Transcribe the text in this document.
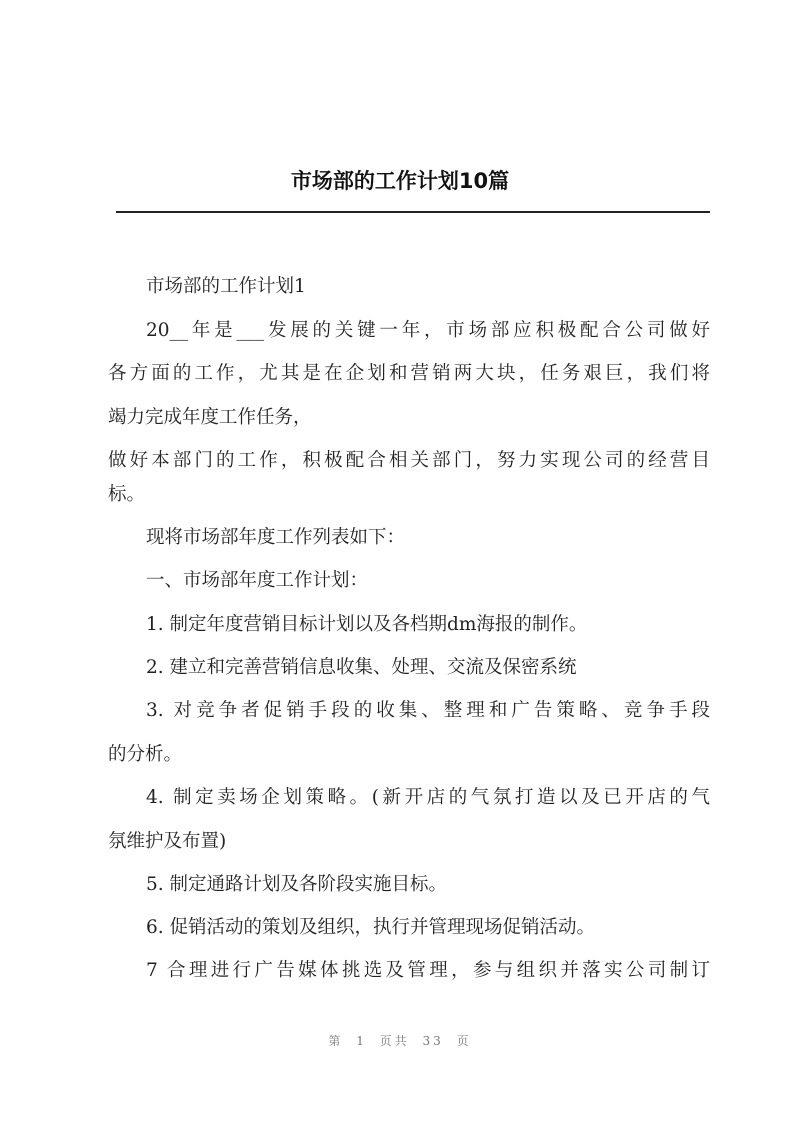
市场部的工作计划10篇
市场部的工作计划1
20__年是___发展的关键一年，市场部应积极配合公司做好
各方面的工作，尤其是在企划和营销两大块，任务艰巨，我们将
竭力完成年度工作任务，
做好本部门的工作，积极配合相关部门，努力实现公司的经营目
标。
现将市场部年度工作列表如下：
一、市场部年度工作计划：
1. 制定年度营销目标计划以及各档期dm海报的制作。
2. 建立和完善营销信息收集、处理、交流及保密系统
3. 对竞争者促销手段的收集、整理和广告策略、竞争手段
的分析。
4. 制定卖场企划策略。(新开店的气氛打造以及已开店的气
氛维护及布置)
5. 制定通路计划及各阶段实施目标。
6. 促销活动的策划及组织，执行并管理现场促销活动。
7 合理进行广告媒体挑选及管理，参与组织并落实公司制订
第 1 页共 33 页
